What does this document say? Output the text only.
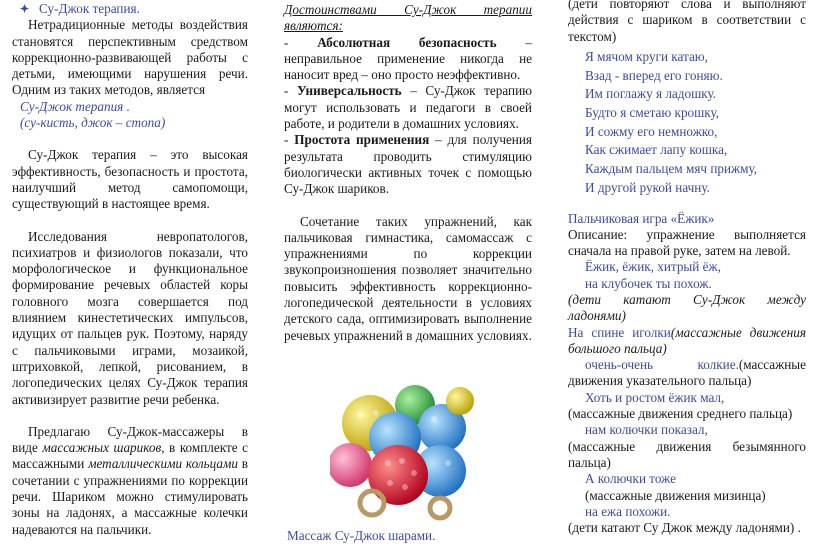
Су-Джок терапия.

Нетрадиционные методы воздействия становятся перспективным средством коррекционно-развивающей работы с детьми, имеющими нарушения речи. Одним из таких методов, является

Су-Джок терапия .

(су-кисть, джок – стопа)

Су-Джок терапия – это высокая эффективность, безопасность и простота, наилучший метод самопомощи, существующий в настоящее время.

Исследования невропатологов, психиатров и физиологов показали, что морфологическое и функциональное формирование речевых областей коры головного мозга совершается под влиянием кинестетических импульсов, идущих от пальцев рук. Поэтому, наряду с пальчиковыми играми, мозаикой, штриховкой, лепкой, рисованием, в логопедических целях Су-Джок терапия активизирует развитие речи ребенка.

Предлагаю Су-Джок-массажеры в виде массажных шариков, в комплекте с массажными металлическими кольцами в сочетании с упражнениями по коррекции речи. Шариком можно стимулировать зоны на ладонях, а массажные колечки надеваются на пальчики.

Достоинствами Су-Джок терапии являются:

- Абсолютная безопасность – неправильное применение никогда не наносит вред – оно просто неэффективно.

- Универсальность – Су-Джок терапию могут использовать и педагоги в своей работе, и родители в домашних условиях.

- Простота применения – для получения результата проводить стимуляцию биологически активных точек с помощью Су-Джок шариков.

Сочетание таких упражнений, как пальчиковая гимнастика, самомассаж с упражнениями по коррекции звукопроизношения позволяет значительно повысить эффективность коррекционно-логопедической деятельности в условиях детского сада, оптимизировать выполнение речевых упражнений в домашних условиях.

Массаж Су-Джок шарами.

(дети повторяют слова и выполняют действия с шариком в соответствии с текстом)

Я мячом круги катаю,
Взад - вперед его гоняю.
Им поглажу я ладошку.
Будто я сметаю крошку,
И сожму его немножко,
Как сжимает лапу кошка,
Каждым пальцем мяч прижму,
И другой рукой начну.

Пальчиковая игра «Ёжик»

Описание: упражнение выполняется сначала на правой руке, затем на левой.

Ёжик, ёжик, хитрый ёж,

на клубочек ты похож.

(дети катают Су-Джок между ладонями)

На спине иголки(массажные движения большого пальца)

очень-очень колкие.(массажные движения указательного пальца)

Хоть и ростом ёжик мал,

(массажные движения среднего пальца)

нам колючки показал,

(массажные движения безымянного пальца)

А колючки тоже

(массажные движения мизинца)

на ежа похожи.

(дети катают Су Джок между ладонями) .
